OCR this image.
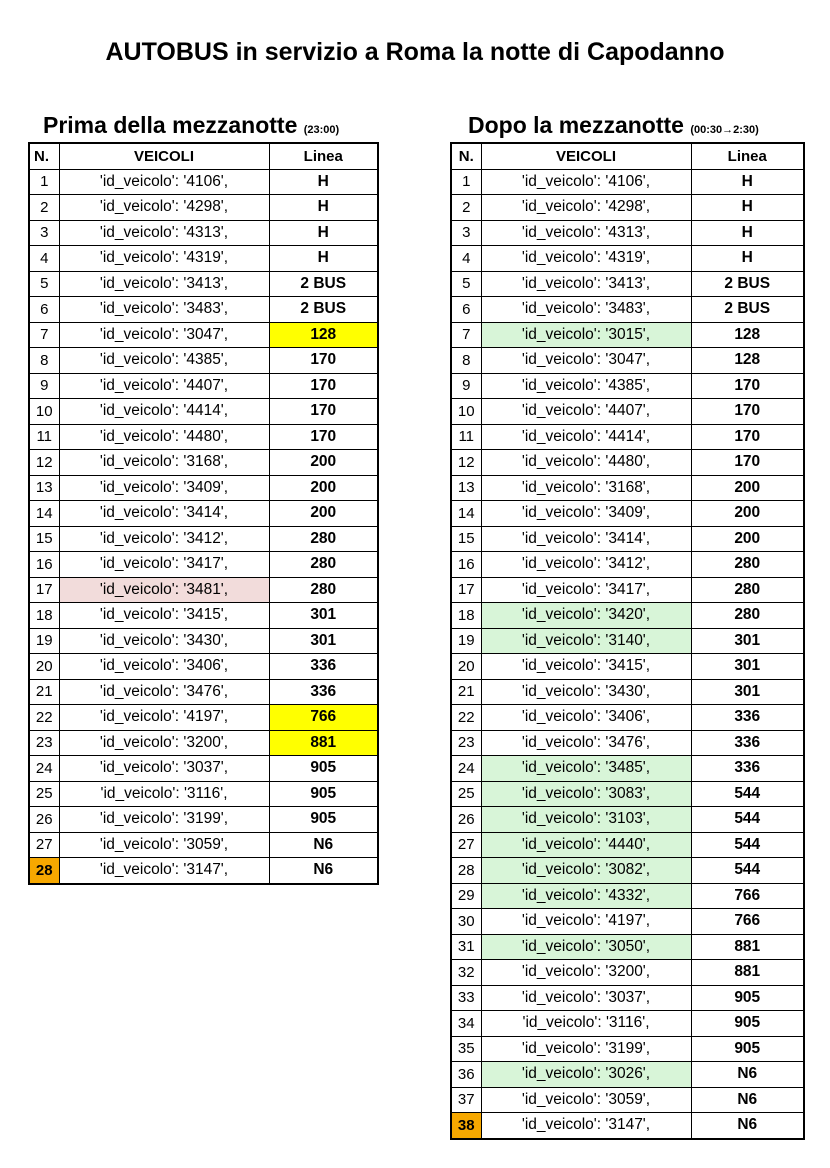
AUTOBUS in servizio a Roma la notte di Capodanno
Prima della mezzanotte (23:00)	Dopo la mezzanotte (00:30→2:30)
N.	VEICOLI	Linea
1	'id_veicolo': '4106',	H
2	'id_veicolo': '4298',	H
3	'id_veicolo': '4313',	H
4	'id_veicolo': '4319',	H
5	'id_veicolo': '3413',	2 BUS
6	'id_veicolo': '3483',	2 BUS
7	'id_veicolo': '3047',	128
8	'id_veicolo': '4385',	170
9	'id_veicolo': '4407',	170
10	'id_veicolo': '4414',	170
11	'id_veicolo': '4480',	170
12	'id_veicolo': '3168',	200
13	'id_veicolo': '3409',	200
14	'id_veicolo': '3414',	200
15	'id_veicolo': '3412',	280
16	'id_veicolo': '3417',	280
17	'id_veicolo': '3481',	280
18	'id_veicolo': '3415',	301
19	'id_veicolo': '3430',	301
20	'id_veicolo': '3406',	336
21	'id_veicolo': '3476',	336
22	'id_veicolo': '4197',	766
23	'id_veicolo': '3200',	881
24	'id_veicolo': '3037',	905
25	'id_veicolo': '3116',	905
26	'id_veicolo': '3199',	905
27	'id_veicolo': '3059',	N6
28	'id_veicolo': '3147',	N6
N.	VEICOLI	Linea
1	'id_veicolo': '4106',	H
2	'id_veicolo': '4298',	H
3	'id_veicolo': '4313',	H
4	'id_veicolo': '4319',	H
5	'id_veicolo': '3413',	2 BUS
6	'id_veicolo': '3483',	2 BUS
7	'id_veicolo': '3015',	128
8	'id_veicolo': '3047',	128
9	'id_veicolo': '4385',	170
10	'id_veicolo': '4407',	170
11	'id_veicolo': '4414',	170
12	'id_veicolo': '4480',	170
13	'id_veicolo': '3168',	200
14	'id_veicolo': '3409',	200
15	'id_veicolo': '3414',	200
16	'id_veicolo': '3412',	280
17	'id_veicolo': '3417',	280
18	'id_veicolo': '3420',	280
19	'id_veicolo': '3140',	301
20	'id_veicolo': '3415',	301
21	'id_veicolo': '3430',	301
22	'id_veicolo': '3406',	336
23	'id_veicolo': '3476',	336
24	'id_veicolo': '3485',	336
25	'id_veicolo': '3083',	544
26	'id_veicolo': '3103',	544
27	'id_veicolo': '4440',	544
28	'id_veicolo': '3082',	544
29	'id_veicolo': '4332',	766
30	'id_veicolo': '4197',	766
31	'id_veicolo': '3050',	881
32	'id_veicolo': '3200',	881
33	'id_veicolo': '3037',	905
34	'id_veicolo': '3116',	905
35	'id_veicolo': '3199',	905
36	'id_veicolo': '3026',	N6
37	'id_veicolo': '3059',	N6
38	'id_veicolo': '3147',	N6
